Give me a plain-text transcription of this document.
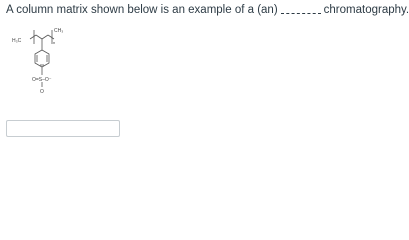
A column matrix shown below is an example of a (an)	chromatography.
H₃C
CH₃
n
O=S–O⁻
O
